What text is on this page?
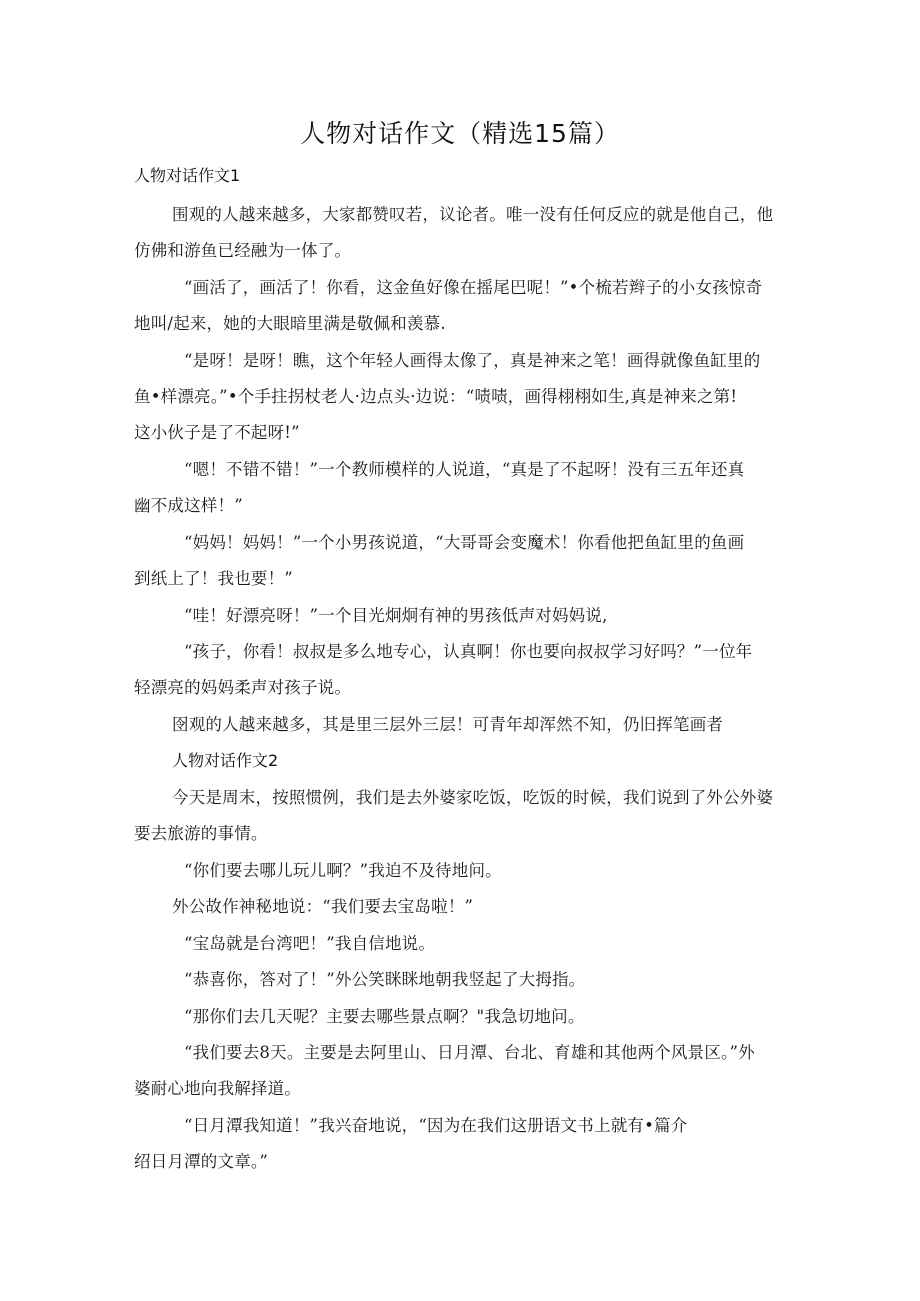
人物对话作文（精选15篇）
人物对话作文1
围观的人越来越多，大家都赞叹若，议论者。唯一没有任何反应的就是他自己，他
仿佛和游鱼已经融为一体了。
“画活了，画活了！你看，这金鱼好像在摇尾巴呢！”•个梳若辫子的小女孩惊奇
地叫/起来，她的大眼暗里满是敬佩和羡慕.
“是呀！是呀！瞧，这个年轻人画得太像了，真是神来之笔！画得就像鱼缸里的
鱼•样漂亮。”•个手拄拐杖老人·边点头·边说：“啧啧，画得栩栩如生,真是神来之第!
这小伙子是了不起呀!”
“嗯！不错不错！”一个教师模样的人说道，“真是了不起呀！没有三五年还真
幽不成这样！”
“妈妈！妈妈！”一个小男孩说道，“大哥哥会变魔术！你看他把鱼缸里的鱼画
到纸上了！我也要！”
“哇！好漂亮呀！”一个目光炯炯有神的男孩低声对妈妈说,
“孩子，你看！叔叔是多么地专心，认真啊！你也要向叔叔学习好吗？”一位年
轻漂亮的妈妈柔声对孩子说。
囹观的人越来越多，其是里三层外三层！可青年却浑然不知，仍旧挥笔画者
人物对话作文2
今天是周末，按照惯例，我们是去外婆家吃饭，吃饭的时候，我们说到了外公外婆
要去旅游的事情。
“你们要去哪儿玩儿啊？”我迫不及待地问。
外公故作神秘地说：“我们要去宝岛啦！”
“宝岛就是台湾吧！”我自信地说。
“恭喜你，答对了！”外公笑眯眯地朝我竖起了大拇指。
“那你们去几天呢？主要去哪些景点啊？"我急切地问。
“我们要去8天。主要是去阿里山、日月潭、台北、育雄和其他两个风景区。”外
婆耐心地向我解择道。
“日月潭我知道！”我兴奋地说，“因为在我们这册语文书上就有•篇介
绍日月潭的文章。”
